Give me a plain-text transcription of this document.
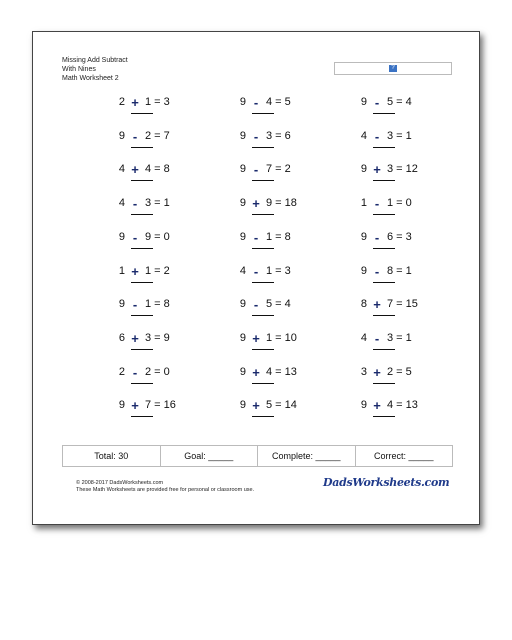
Missing Add Subtract
With Nines
Math Worksheet 2
?
2 + 1 = 3	9 - 4 = 5	9 - 5 = 4
9 - 2 = 7	9 - 3 = 6	4 - 3 = 1
4 + 4 = 8	9 - 7 = 2	9 + 3 = 12
4 - 3 = 1	9 + 9 = 18	1 - 1 = 0
9 - 9 = 0	9 - 1 = 8	9 - 6 = 3
1 + 1 = 2	4 - 1 = 3	9 - 8 = 1
9 - 1 = 8	9 - 5 = 4	8 + 7 = 15
6 + 3 = 9	9 + 1 = 10	4 - 3 = 1
2 - 2 = 0	9 + 4 = 13	3 + 2 = 5
9 + 7 = 16	9 + 5 = 14	9 + 4 = 13
Total: 30	Goal: _____	Complete: _____	Correct: _____
© 2008-2017 DadsWorksheets.com
These Math Worksheets are provided free for personal or classroom use.
DadsWorksheets.com
